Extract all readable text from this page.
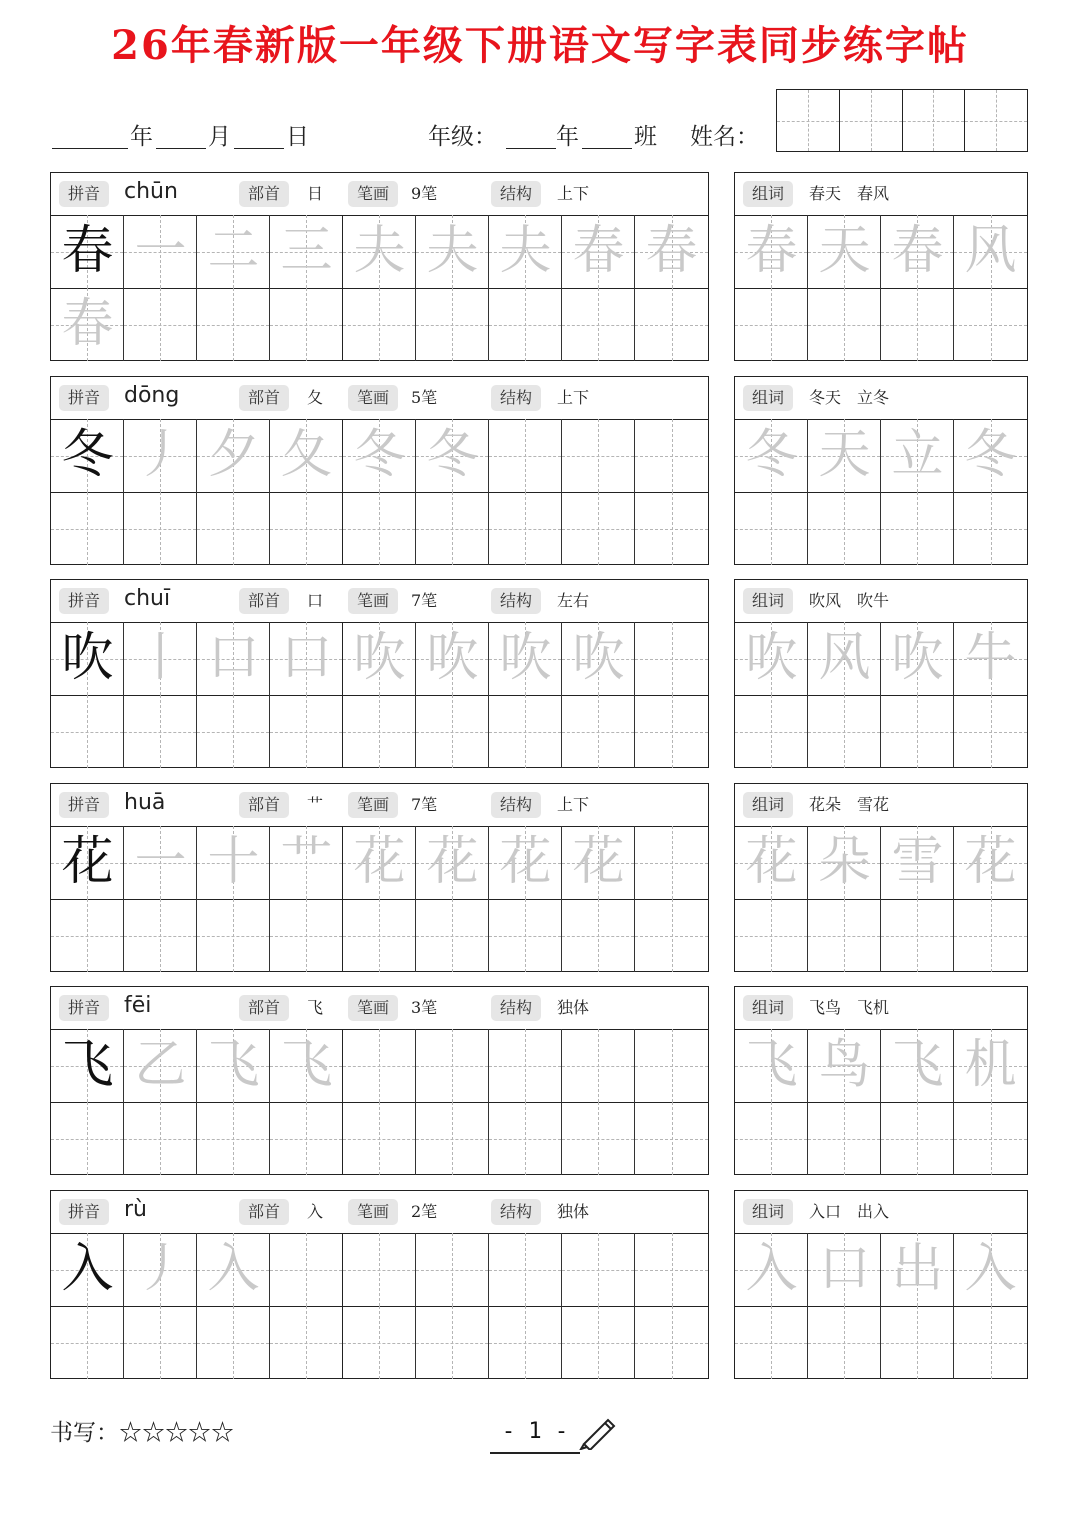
26年春新版一年级下册语文写字表同步练字帖
年 月 日	年级：	年 班 姓名：
拼音	chūn	部首	日	笔画	9笔	结构	上下
春 一 二 三 夫 夫 夫 春 春
春
组词	春天　春风
春 天 春 风
拼音	dōng	部首	夂	笔画	5笔	结构	上下
冬 丿 夕 夂 冬 冬
组词	冬天　立冬
冬 天 立 冬
拼音	chuī	部首	口	笔画	7笔	结构	左右
吹 丨 口 口 吹 吹 吹 吹
组词	吹风　吹牛
吹 风 吹 牛
拼音	huā	部首	艹	笔画	7笔	结构	上下
花 一 十 艹 花 花 花 花
组词	花朵　雪花
花 朵 雪 花
拼音	fēi	部首	飞	笔画	3笔	结构	独体
飞 乙 飞 飞
组词	飞鸟　飞机
飞 鸟 飞 机
拼音	rù	部首	入	笔画	2笔	结构	独体
入 丿 入
组词	入口　出入
入 口 出 入
书写：☆☆☆☆☆	- 1 -
